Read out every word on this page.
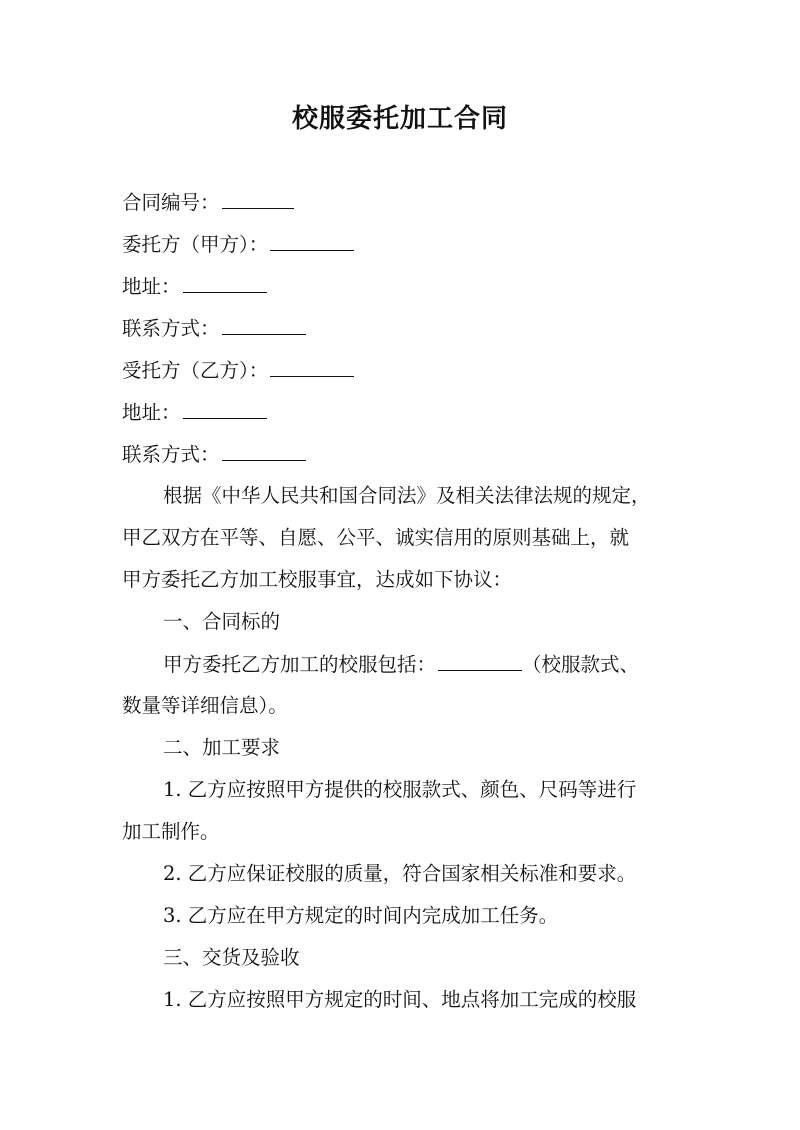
校服委托加工合同
合同编号：
委托方（甲方）：
地址：
联系方式：
受托方（乙方）：
地址：
联系方式：
根据《中华人民共和国合同法》及相关法律法规的规定，
甲乙双方在平等、自愿、公平、诚实信用的原则基础上，就
甲方委托乙方加工校服事宜，达成如下协议：
一、合同标的
甲方委托乙方加工的校服包括：	（校服款式、
数量等详细信息）。
二、加工要求
1. 乙方应按照甲方提供的校服款式、颜色、尺码等进行
加工制作。
2. 乙方应保证校服的质量，符合国家相关标准和要求。
3. 乙方应在甲方规定的时间内完成加工任务。
三、交货及验收
1. 乙方应按照甲方规定的时间、地点将加工完成的校服
